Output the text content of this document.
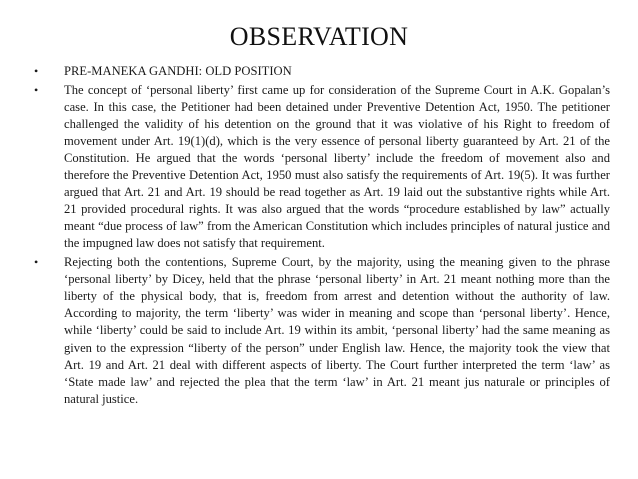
OBSERVATION
•	PRE-MANEKA GANDHI: OLD POSITION
•	The concept of ‘personal liberty’ first came up for consideration of the Supreme Court in A.K. Gopalan’s case. In this case, the Petitioner had been detained under Preventive Detention Act, 1950. The petitioner challenged the validity of his detention on the ground that it was violative of his Right to freedom of movement under Art. 19(1)(d), which is the very essence of personal liberty guaranteed by Art. 21 of the Constitution. He argued that the words ‘personal liberty’ include the freedom of movement also and therefore the Preventive Detention Act, 1950 must also satisfy the requirements of Art. 19(5). It was further argued that Art. 21 and Art. 19 should be read together as Art. 19 laid out the substantive rights while Art. 21 provided procedural rights. It was also argued that the words “procedure established by law” actually meant “due process of law” from the American Constitution which includes principles of natural justice and the impugned law does not satisfy that requirement.
•	Rejecting both the contentions, Supreme Court, by the majority, using the meaning given to the phrase ‘personal liberty’ by Dicey, held that the phrase ‘personal liberty’ in Art. 21 meant nothing more than the liberty of the physical body, that is, freedom from arrest and detention without the authority of law. According to majority, the term ‘liberty’ was wider in meaning and scope than ‘personal liberty’. Hence, while ‘liberty’ could be said to include Art. 19 within its ambit, ‘personal liberty’ had the same meaning as given to the expression “liberty of the person” under English law. Hence, the majority took the view that Art. 19 and Art. 21 deal with different aspects of liberty. The Court further interpreted the term ‘law’ as ‘State made law’ and rejected the plea that the term ‘law’ in Art. 21 meant jus naturale or principles of natural justice.
